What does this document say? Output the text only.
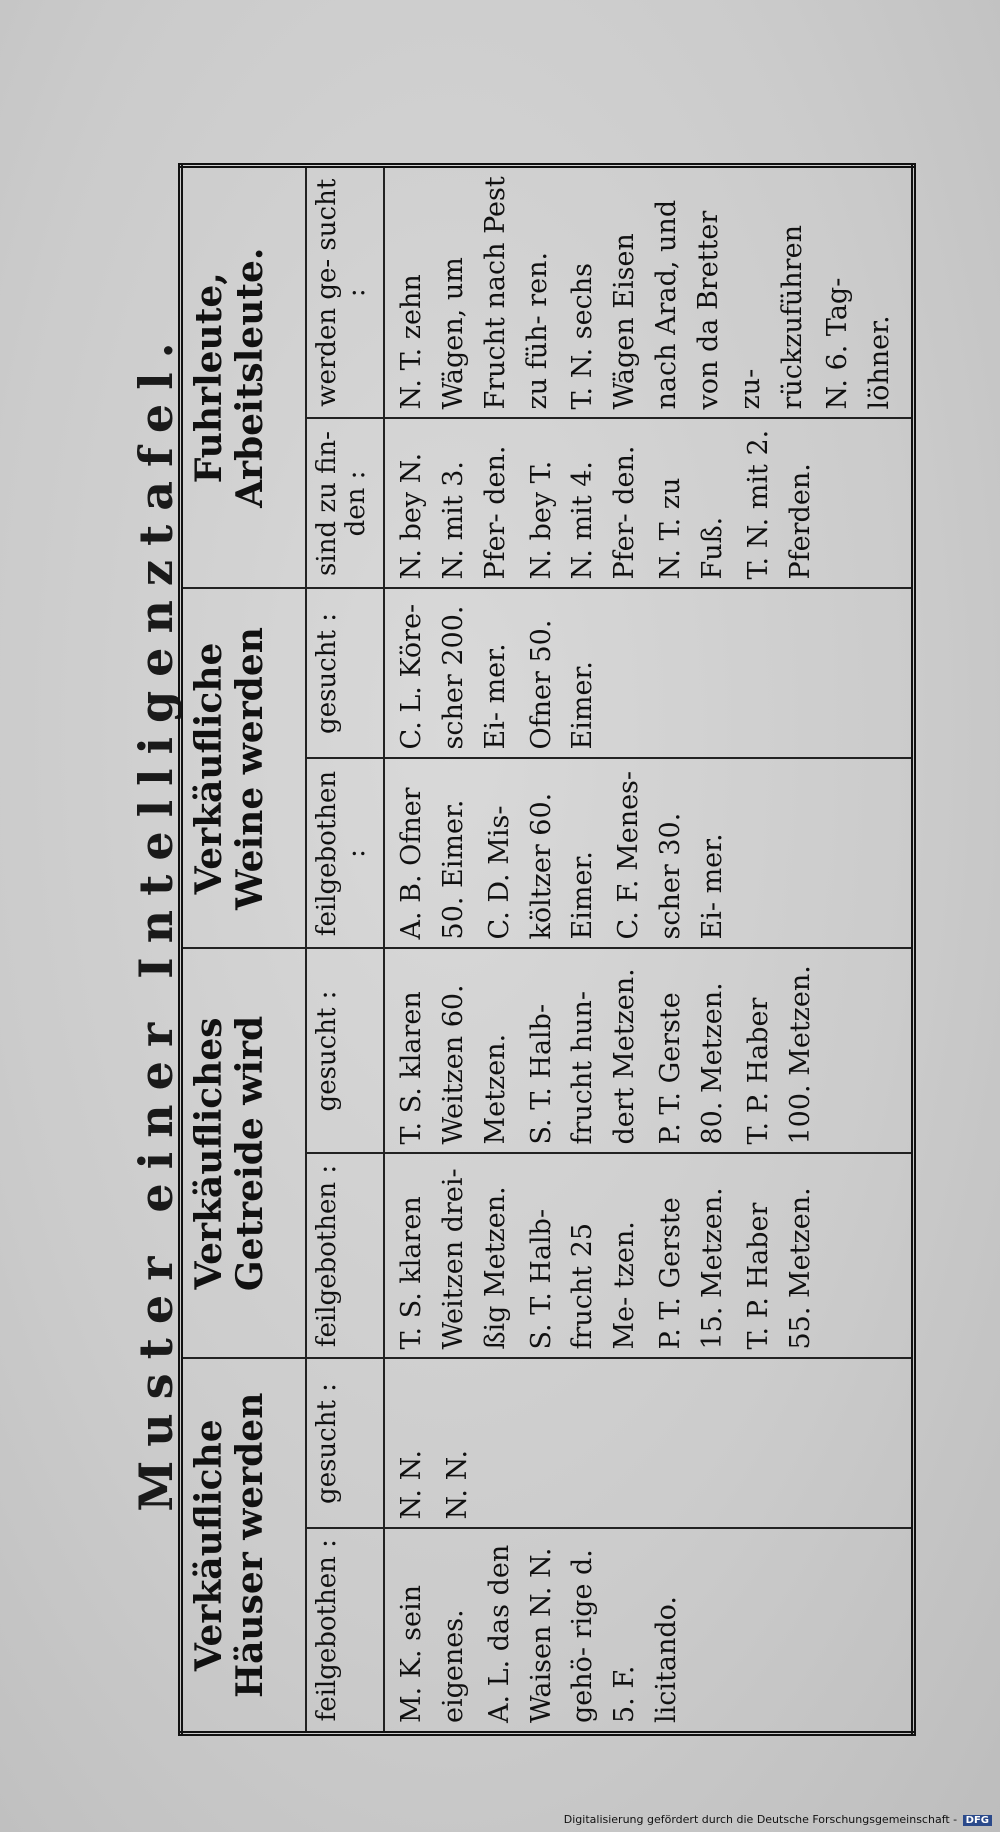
Muster einer Intelligenztafel.
Verkäufliche Häuser werden		Verkäufliches Getreide wird		Verkäufliche Weine werden		Fuhrleute, Arbeitsleute.	
feilgebothen :	gesucht :	feilgebothen :	gesucht :	feilgebothen :	gesucht :	sind zu fin- den :	werden ge- sucht :

M. K. sein eigenes. A. L. das den Waisen N. N. gehö- rige d. 5. F. licitando.	N. N. N. N.	T. S. klaren Weitzen drei- ßig Metzen. S. T. Halb- frucht 25 Me- tzen. P. T. Gerste 15. Metzen. T. P. Haber 55. Metzen.	T. S. klaren Weitzen 60. Metzen. S. T. Halb- frucht hun- dert Metzen. P. T. Gerste 80. Metzen. T. P. Haber 100. Metzen.	A. B. Ofner 50. Eimer. C. D. Mis- költzer 60. Eimer. C. F. Menes- scher 30. Ei- mer.	C. L. Köre- scher 200. Ei- mer. Ofner 50. Eimer.	N. bey N. N. mit 3. Pfer- den. N. bey T. N. mit 4. Pfer- den. N. T. zu Fuß. T. N. mit 2. Pferden.	N. T. zehn Wägen, um Frucht nach Pest zu füh- ren. T. N. sechs Wägen Eisen nach Arad, und von da Bretter zu- rückzuführen N. 6. Tag- löhner.
Digitalisierung gefördert durch die Deutsche Forschungsgemeinschaft - DFG
